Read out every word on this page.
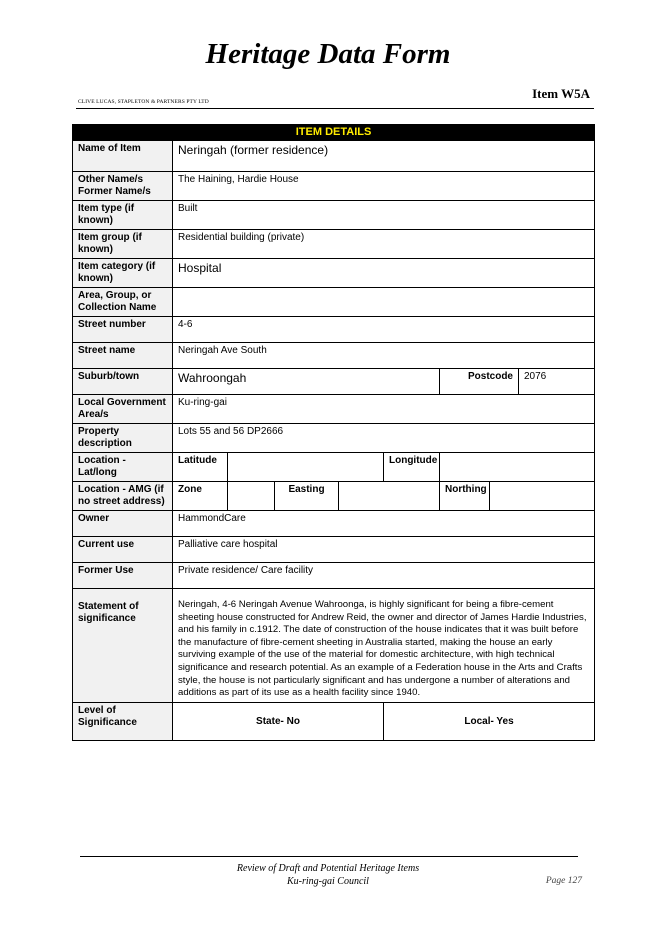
Heritage Data Form
Item W5A
CLIVE LUCAS, STAPLETON & PARTNERS PTY LTD
ITEM DETAILS								
Name of Item	Neringah (former residence)							
Other Name/s Former Name/s	The Haining, Hardie House							
Item type (if known)	Built							
Item group (if known)	Residential building (private)							
Item category (if known)	Hospital							
Area, Group, or Collection Name								
Street number	4-6							
Street name	Neringah Ave South							
Suburb/town	Wahroongah					Postcode		2076
Local Government Area/s	Ku-ring-gai							
Property description	Lots 55 and 56 DP2666							
Location - Lat/long	Latitude				Longitude			
Location - AMG (if no street address)	Zone		Easting			Northing		
Owner	HammondCare							
Current use	Palliative care hospital							
Former Use	Private residence/ Care facility							
Statement of significance	Neringah, 4-6 Neringah Avenue Wahroonga, is highly significant for being a fibre-cement sheeting house constructed for Andrew Reid, the owner and director of James Hardie Industries, and his family in c.1912. The date of construction of the house indicates that it was built before the manufacture of fibre-cement sheeting in Australia started, making the house an early surviving example of the use of the material for domestic architecture, with high technical significance and research potential. As an example of a Federation house in the Arts and Crafts style, the house is not particularly significant and has undergone a number of alterations and additions as part of its use as a health facility since 1940.							
Level of Significance	State- No				Local- Yes			
Review of Draft and Potential Heritage Items
Ku-ring-gai Council	Page 127
